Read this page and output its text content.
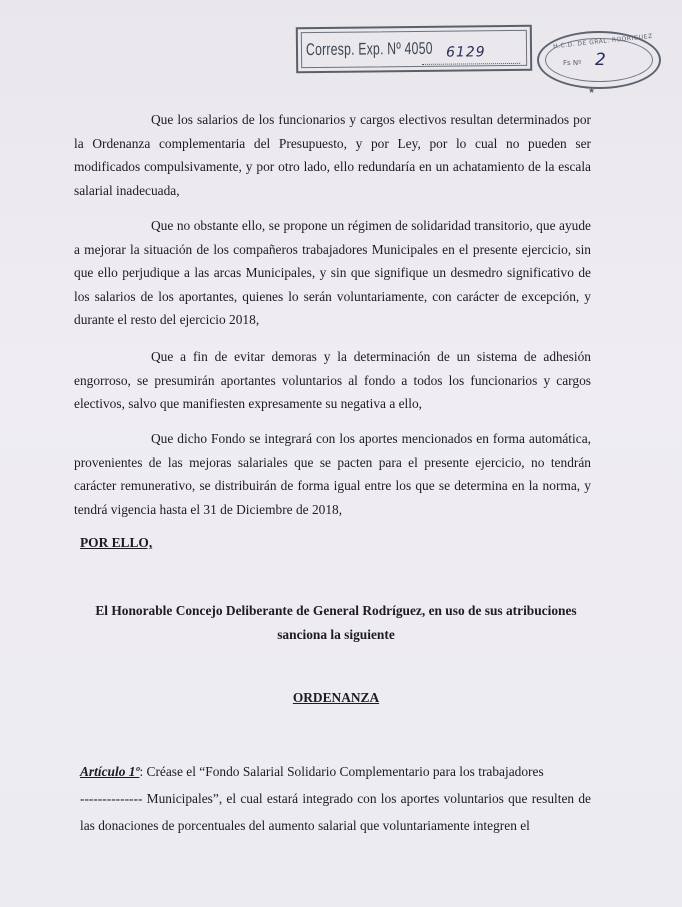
Corresp. Exp. Nº 4050 6129
H.C.D. DE GRAL. RODRIGUEZ
Fs Nº 2
★

Que los salarios de los funcionarios y cargos electivos resultan determinados por la Ordenanza complementaria del Presupuesto, y por Ley, por lo cual no pueden ser modificados compulsivamente, y por otro lado, ello redundaría en un achatamiento de la escala salarial inadecuada,

Que no obstante ello, se propone un régimen de solidaridad transitorio, que ayude a mejorar la situación de los compañeros trabajadores Municipales en el presente ejercicio, sin que ello perjudique a las arcas Municipales, y sin que signifique un desmedro significativo de los salarios de los aportantes, quienes lo serán voluntariamente, con carácter de excepción, y durante el resto del ejercicio 2018,

Que a fin de evitar demoras y la determinación de un sistema de adhesión engorroso, se presumirán aportantes voluntarios al fondo a todos los funcionarios y cargos electivos, salvo que manifiesten expresamente su negativa a ello,

Que dicho Fondo se integrará con los aportes mencionados en forma automática, provenientes de las mejoras salariales que se pacten para el presente ejercicio, no tendrán carácter remunerativo, se distribuirán de forma igual entre los que se determina en la norma, y tendrá vigencia hasta el 31 de Diciembre de 2018,

POR ELLO,

El Honorable Concejo Deliberante de General Rodríguez, en uso de sus atribuciones
sanciona la siguiente

ORDENANZA

Artículo 1º: Créase el “Fondo Salarial Solidario Complementario para los trabajadores
-------------- Municipales”, el cual estará integrado con los aportes voluntarios que resulten de las donaciones de porcentuales del aumento salarial que voluntariamente integren el
